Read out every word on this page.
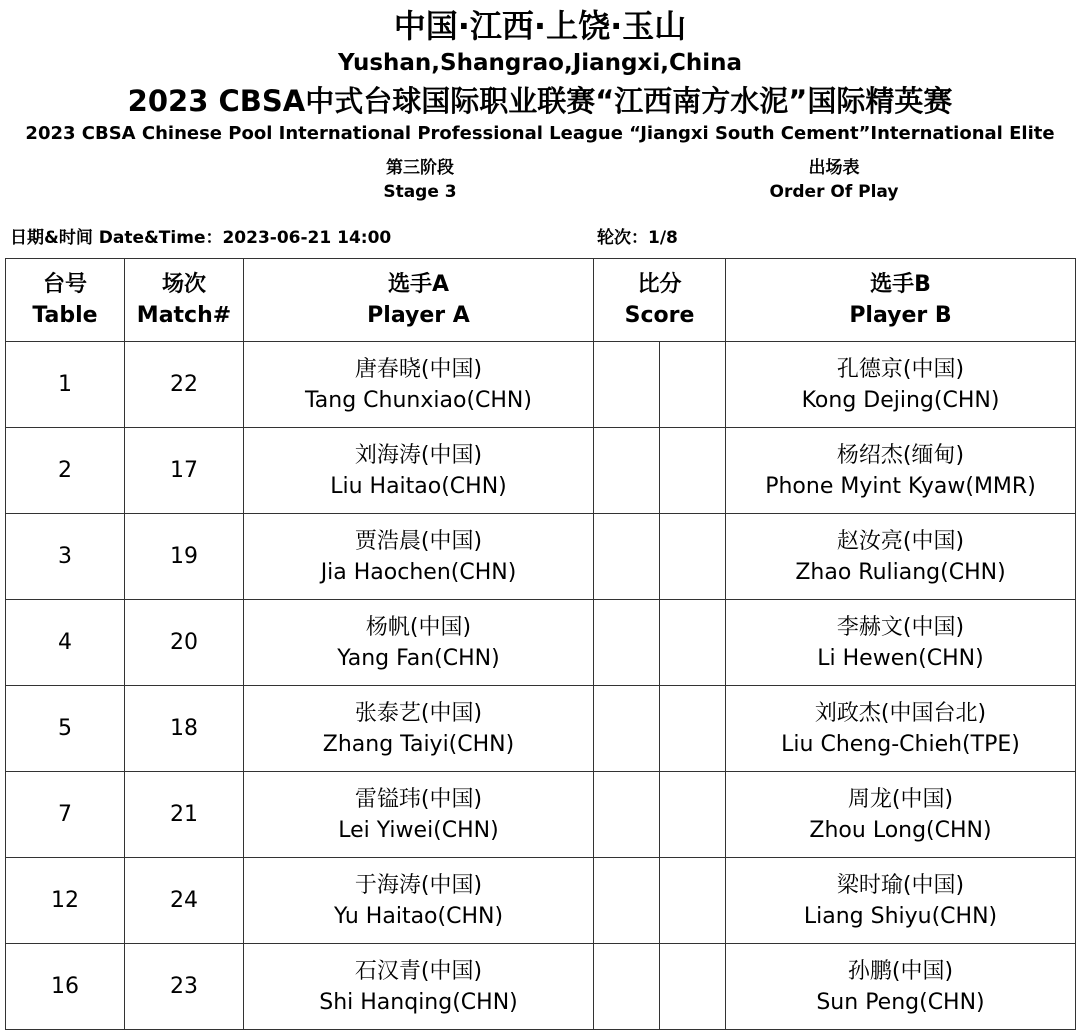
中国·江西·上饶·玉山
Yushan,Shangrao,Jiangxi,China
2023 CBSA中式台球国际职业联赛“江西南方水泥”国际精英赛
2023 CBSA Chinese Pool International Professional League “Jiangxi South Cement”International Elite
第三阶段
Stage 3
出场表
Order Of Play
日期&时间 Date&Time：2023-06-21 14:00	轮次：1/8
台号
Table	场次
Match#	选手A
Player A	比分
Score		选手B
Player B

1	22	唐春晓(中国)
Tang Chunxiao(CHN)			孔德京(中国)
Kong Dejing(CHN)

2	17	刘海涛(中国)
Liu Haitao(CHN)			杨绍杰(缅甸)
Phone Myint Kyaw(MMR)

3	19	贾浩晨(中国)
Jia Haochen(CHN)			赵汝亮(中国)
Zhao Ruliang(CHN)

4	20	杨帆(中国)
Yang Fan(CHN)			李赫文(中国)
Li Hewen(CHN)

5	18	张泰艺(中国)
Zhang Taiyi(CHN)			刘政杰(中国台北)
Liu Cheng-Chieh(TPE)

7	21	雷镒玮(中国)
Lei Yiwei(CHN)			周龙(中国)
Zhou Long(CHN)

12	24	于海涛(中国)
Yu Haitao(CHN)			梁时瑜(中国)
Liang Shiyu(CHN)

16	23	石汉青(中国)
Shi Hanqing(CHN)			孙鹏(中国)
Sun Peng(CHN)
